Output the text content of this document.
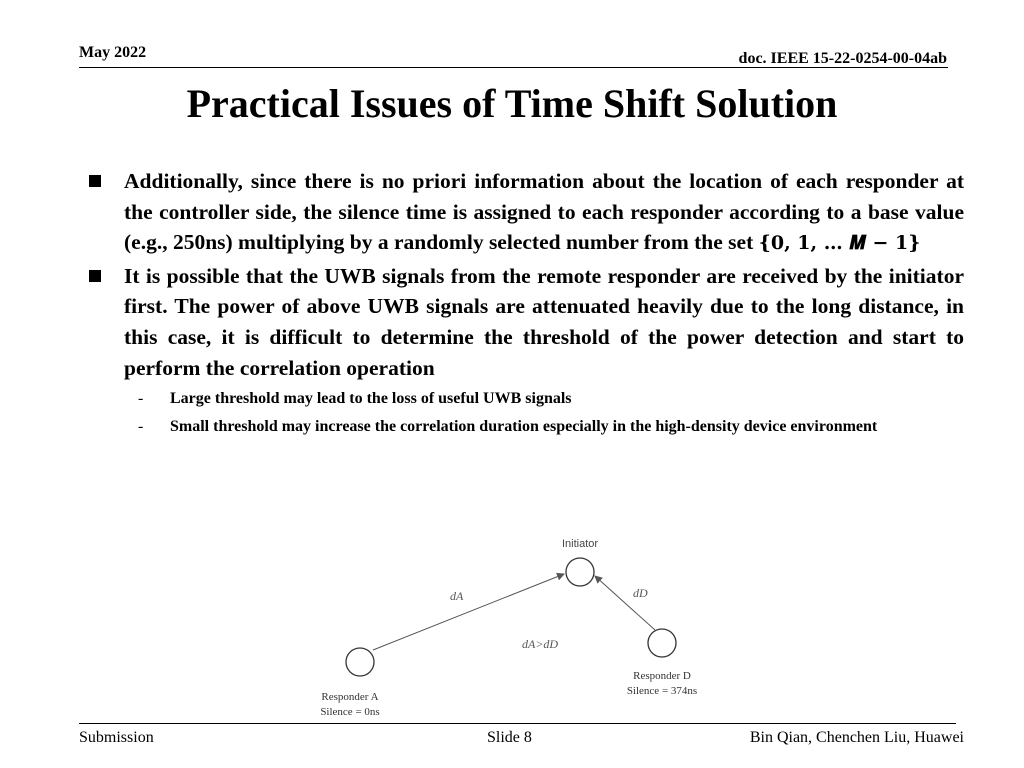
May 2022	doc. IEEE 15-22-0254-00-04ab
Practical Issues of Time Shift Solution
Additionally, since there is no priori information about the location of each responder at the controller side, the silence time is assigned to each responder according to a base value (e.g., 250ns) multiplying by a randomly selected number from the set {𝟎, 𝟏, … 𝑴 − 𝟏}
It is possible that the UWB signals from the remote responder are received by the initiator first. The power of above UWB signals are attenuated heavily due to the long distance, in this case, it is difficult to determine the threshold of the power detection and start to perform the correlation operation
- Large threshold may lead to the loss of useful UWB signals
- Small threshold may increase the correlation duration especially in the high-density device environment
Initiator
dA	dD
dA>dD
Responder A
Silence = 0ns
Responder D
Silence = 374ns
Submission	Slide 8	Bin Qian, Chenchen Liu, Huawei
